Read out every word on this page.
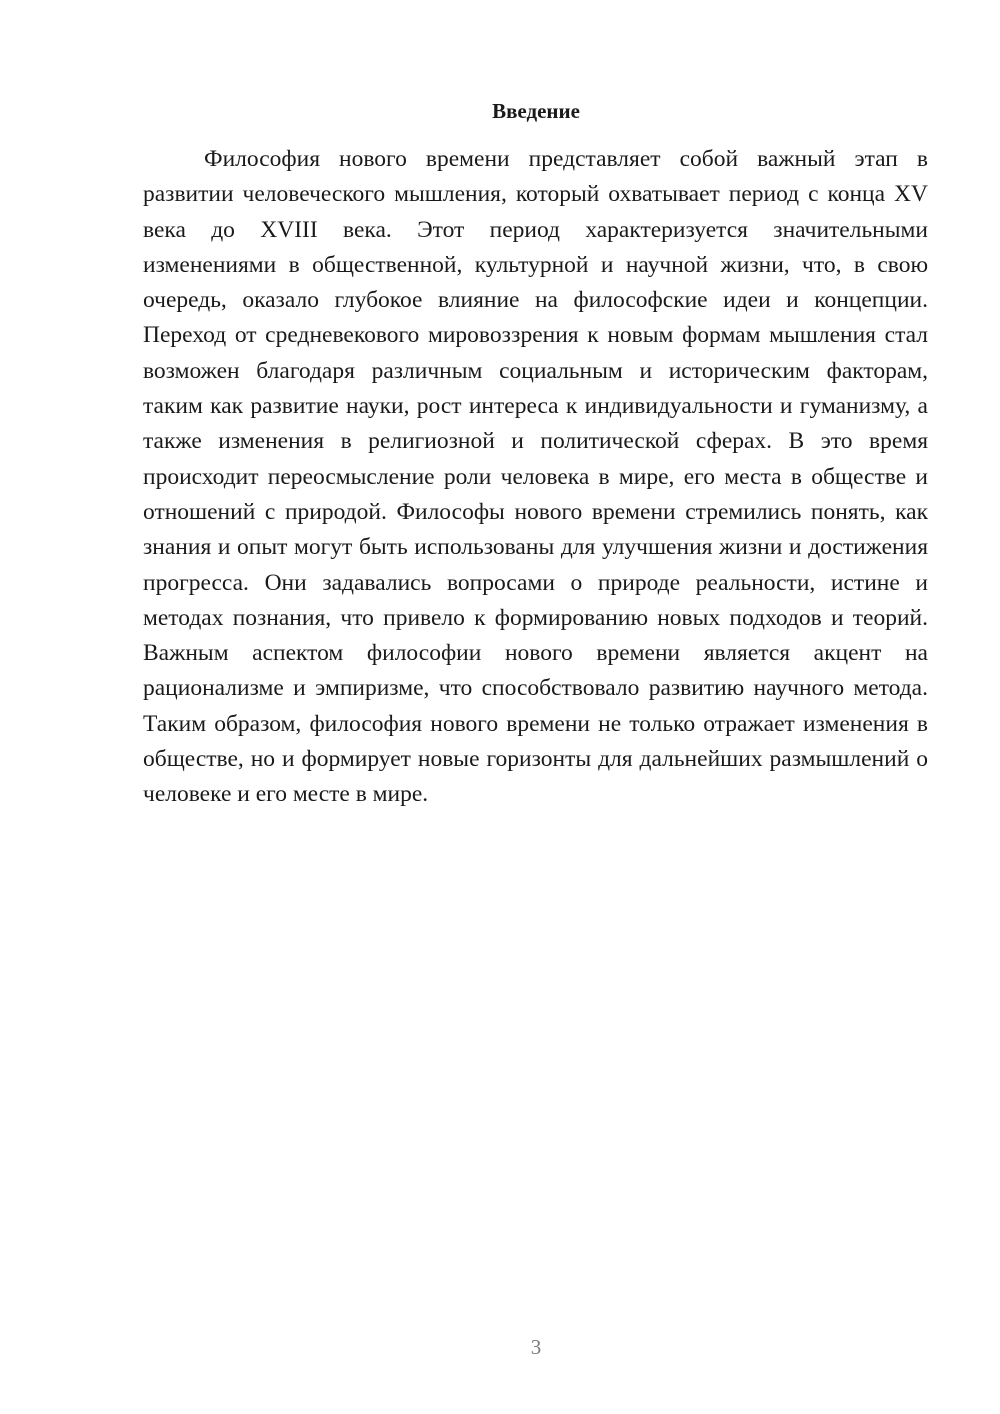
Введение

Философия нового времени представляет собой важный этап в развитии человеческого мышления, который охватывает период с конца XV века до XVIII века. Этот период характеризуется значительными изменениями в общественной, культурной и научной жизни, что, в свою очередь, оказало глубокое влияние на философские идеи и концепции. Переход от средневекового мировоззрения к новым формам мышления стал возможен благодаря различным социальным и историческим факторам, таким как развитие науки, рост интереса к индивидуальности и гуманизму, а также изменения в религиозной и политической сферах. В это время происходит переосмысление роли человека в мире, его места в обществе и отношений с природой. Философы нового времени стремились понять, как знания и опыт могут быть использованы для улучшения жизни и достижения прогресса. Они задавались вопросами о природе реальности, истине и методах познания, что привело к формированию новых подходов и теорий. Важным аспектом философии нового времени является акцент на рационализме и эмпиризме, что способствовало развитию научного метода. Таким образом, философия нового времени не только отражает изменения в обществе, но и формирует новые горизонты для дальнейших размышлений о человеке и его месте в мире.

3
